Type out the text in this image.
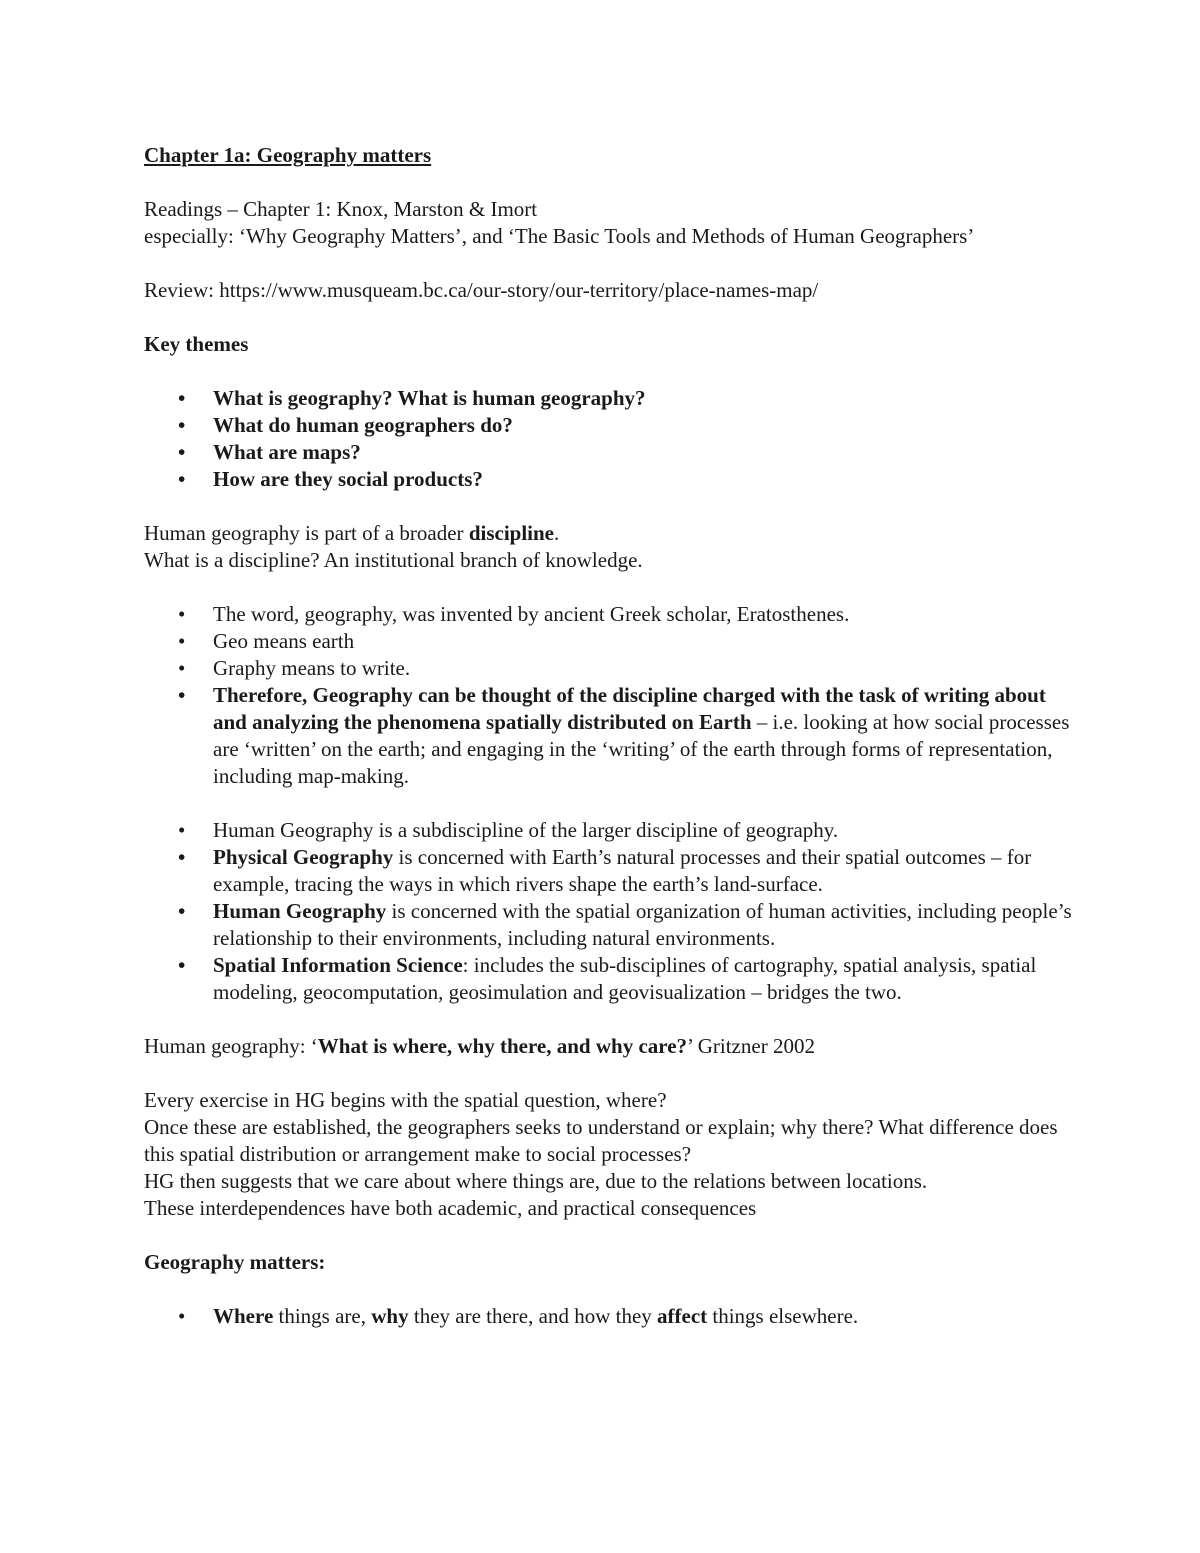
Chapter 1a: Geography matters

Readings – Chapter 1: Knox, Marston & Imort

especially: ‘Why Geography Matters’, and ‘The Basic Tools and Methods of Human Geographers’

Review: https://www.musqueam.bc.ca/our-story/our-territory/place-names-map/

Key themes

• What is geography? What is human geography?
• What do human geographers do?
• What are maps?
• How are they social products?

Human geography is part of a broader discipline.

What is a discipline? An institutional branch of knowledge.

• The word, geography, was invented by ancient Greek scholar, Eratosthenes.
• Geo means earth
• Graphy means to write.
• Therefore, Geography can be thought of the discipline charged with the task of writing about and analyzing the phenomena spatially distributed on Earth – i.e. looking at how social processes are ‘written’ on the earth; and engaging in the ‘writing’ of the earth through forms of representation, including map-making.
• Human Geography is a subdiscipline of the larger discipline of geography.
• Physical Geography is concerned with Earth’s natural processes and their spatial outcomes – for example, tracing the ways in which rivers shape the earth’s land-surface.
• Human Geography is concerned with the spatial organization of human activities, including people’s relationship to their environments, including natural environments.
• Spatial Information Science: includes the sub-disciplines of cartography, spatial analysis, spatial modeling, geocomputation, geosimulation and geovisualization – bridges the two.

Human geography: ‘What is where, why there, and why care?’ Gritzner 2002

Every exercise in HG begins with the spatial question, where?

Once these are established, the geographers seeks to understand or explain; why there? What difference does this spatial distribution or arrangement make to social processes?

HG then suggests that we care about where things are, due to the relations between locations.

These interdependences have both academic, and practical consequences

Geography matters:

• Where things are, why they are there, and how they affect things elsewhere.
